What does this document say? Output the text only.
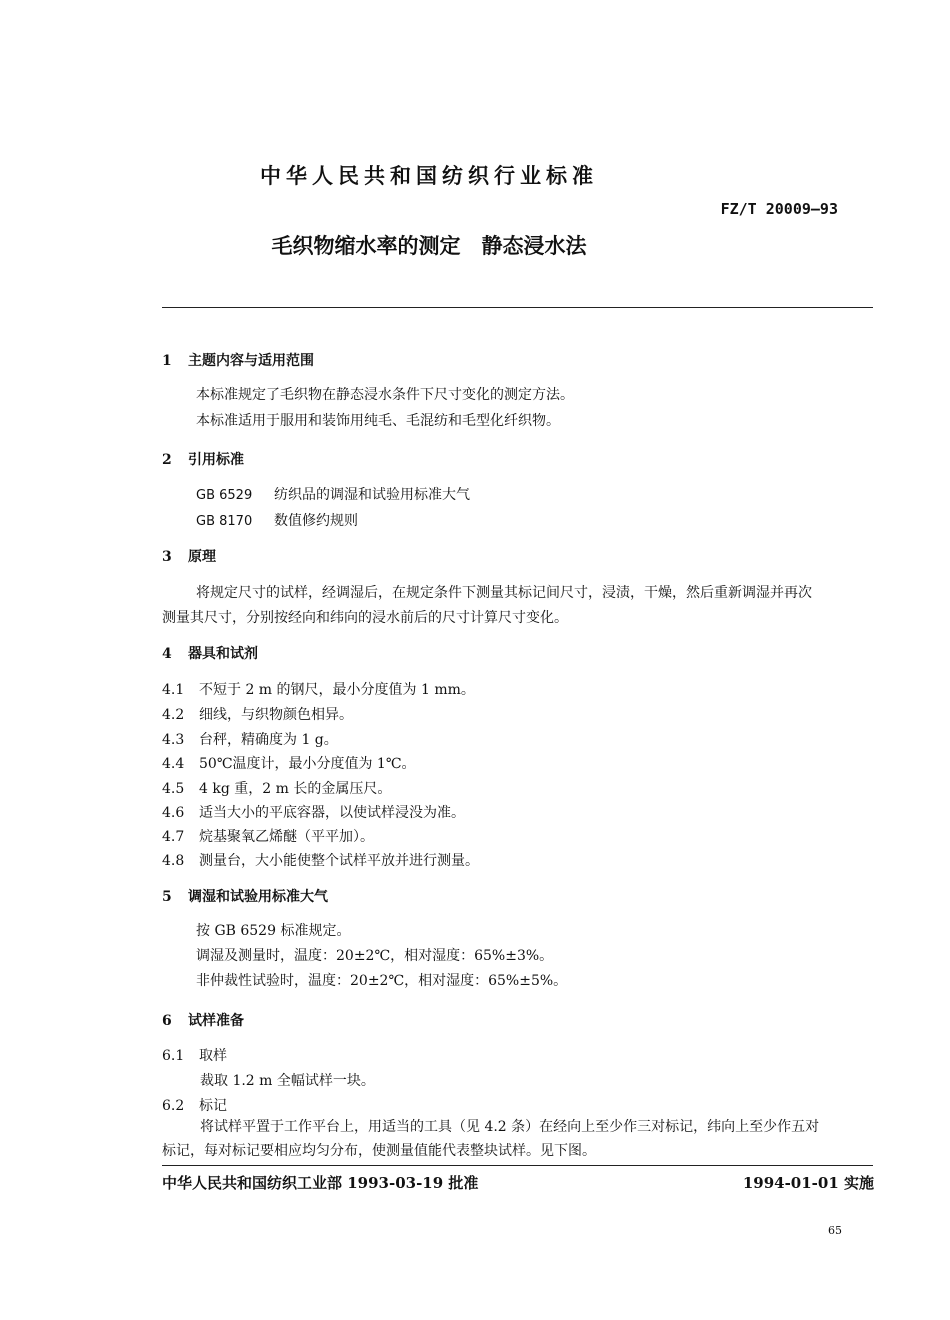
中华人民共和国纺织行业标准
FZ/T 20009—93
毛织物缩水率的测定　静态浸水法
1 主题内容与适用范围
本标准规定了毛织物在静态浸水条件下尺寸变化的测定方法。
本标准适用于服用和装饰用纯毛、毛混纺和毛型化纤织物。
2 引用标准
GB 6529 纺织品的调湿和试验用标准大气
GB 8170 数值修约规则
3 原理
将规定尺寸的试样，经调湿后，在规定条件下测量其标记间尺寸，浸渍，干燥，然后重新调湿并再次
测量其尺寸，分别按经向和纬向的浸水前后的尺寸计算尺寸变化。
4 器具和试剂
4.1 不短于 2 m 的钢尺，最小分度值为 1 mm。
4.2 细线，与织物颜色相异。
4.3 台秤，精确度为 1 g。
4.4 50℃温度计，最小分度值为 1℃。
4.5 4 kg 重，2 m 长的金属压尺。
4.6 适当大小的平底容器，以使试样浸没为准。
4.7 烷基聚氧乙烯醚（平平加）。
4.8 测量台，大小能使整个试样平放并进行测量。
5 调湿和试验用标准大气
按 GB 6529 标准规定。
调湿及测量时，温度：20±2℃，相对湿度：65%±3%。
非仲裁性试验时，温度：20±2℃，相对湿度：65%±5%。
6 试样准备
6.1 取样
裁取 1.2 m 全幅试样一块。
6.2 标记
将试样平置于工作平台上，用适当的工具（见 4.2 条）在经向上至少作三对标记，纬向上至少作五对
标记，每对标记要相应均匀分布，使测量值能代表整块试样。见下图。
中华人民共和国纺织工业部 1993-03-19 批准	1994-01-01 实施
65
